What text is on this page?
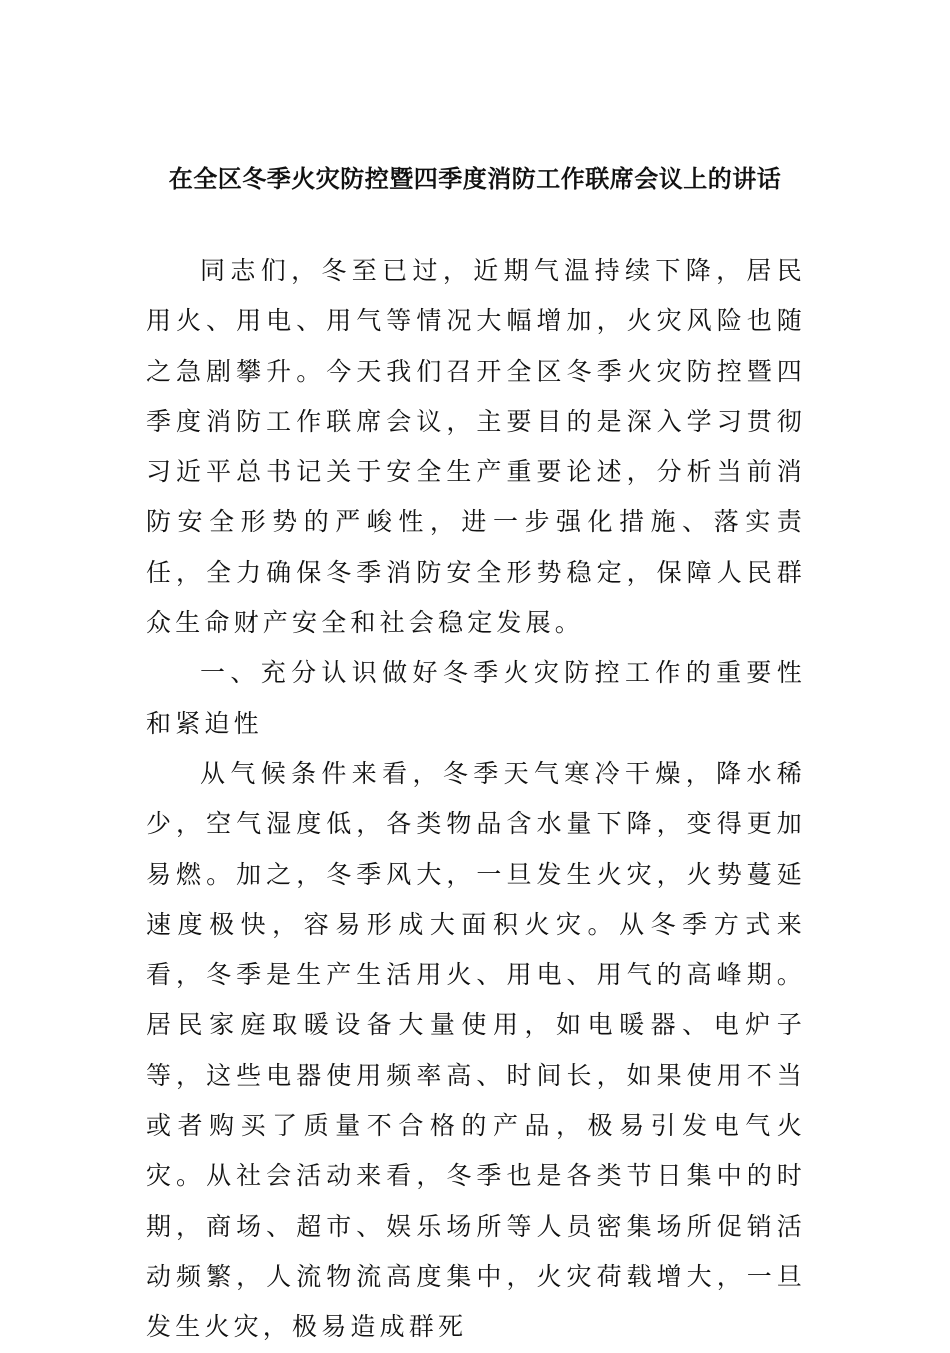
在全区冬季火灾防控暨四季度消防工作联席会议上的讲话

同志们，冬至已过，近期气温持续下降，居民用火、用电、用气等情况大幅增加，火灾风险也随之急剧攀升。今天我们召开全区冬季火灾防控暨四季度消防工作联席会议，主要目的是深入学习贯彻习近平总书记关于安全生产重要论述，分析当前消防安全形势的严峻性，进一步强化措施、落实责任，全力确保冬季消防安全形势稳定，保障人民群众生命财产安全和社会稳定发展。

一、充分认识做好冬季火灾防控工作的重要性和紧迫性

从气候条件来看，冬季天气寒冷干燥，降水稀少，空气湿度低，各类物品含水量下降，变得更加易燃。加之，冬季风大，一旦发生火灾，火势蔓延速度极快，容易形成大面积火灾。从冬季方式来看，冬季是生产生活用火、用电、用气的高峰期。居民家庭取暖设备大量使用，如电暖器、电炉子等，这些电器使用频率高、时间长，如果使用不当或者购买了质量不合格的产品，极易引发电气火灾。从社会活动来看，冬季也是各类节日集中的时期，商场、超市、娱乐场所等人员密集场所促销活动频繁，人流物流高度集中，火灾荷载增大，一旦发生火灾，极易造成群死
